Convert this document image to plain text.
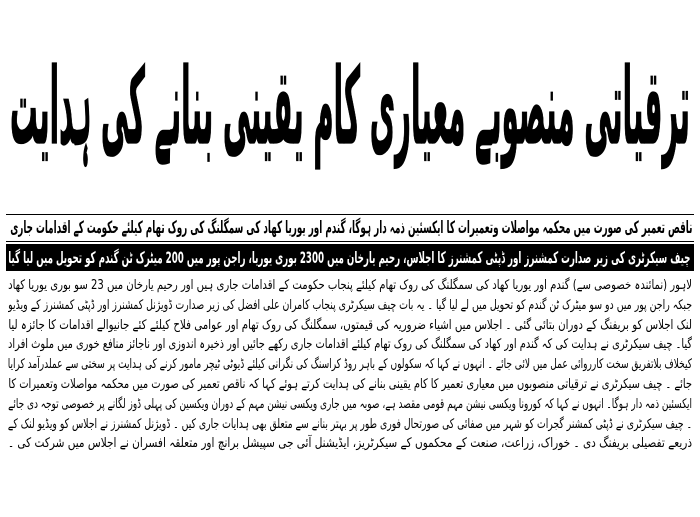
ترقیاتی منصوبے معیاری کام یقینی بنانے کی ہدایت
ناقص تعمیر کی صورت میں محکمہ مواصلات وتعمیرات کا ایکسئین ذمہ دار ہوگا، گندم اور یوریا کھاد کی سمگلنگ کی روک تھام کیلئے حکومت کے اقدامات جاری
چیف سیکرٹری کی زیر صدارت کمشنرز اور ڈپٹی کمشنرز کا اجلاس، رحیم یارخان میں 2300 بوری یوریا، راجن پور میں 200 میٹرک ٹن گندم کو تحویل میں لیا گیا
لاہور (نمائندہ خصوصی سے) گندم اور یوریا کھاد کی سمگلنگ کی روک تھام کیلئے پنجاب حکومت کے اقدامات جاری ہیں اور رحیم یارخان میں 23 سو بوری یوریا کھاد
جبکہ راجن پور میں دو سو میٹرک ٹن گندم کو تحویل میں لے لیا گیا ۔ یہ بات چیف سیکرٹری پنجاب کامران علی افضل کی زیر صدارت ڈویژنل کمشنرز اور ڈپٹی کمشنرز کے ویڈیو
لنک اجلاس کو بریفنگ کے دوران بتائی گئی ۔ اجلاس میں اشیاء ضروریہ کی قیمتوں، سمگلنگ کی روک تھام اور عوامی فلاح کیلئے کئے جانیوالے اقدامات کا جائزہ لیا
گیا۔ چیف سیکرٹری نے ہدایت کی کہ گندم اور کھاد کی سمگلنگ کی روک تھام کیلئے اقدامات جاری رکھے جائیں اور ذخیرہ اندوزی اور ناجائز منافع خوری میں ملوث افراد
کیخلاف بلاتفریق سخت کارروائی عمل میں لائی جائے ۔ انہوں نے کہا کہ سکولوں کے باہر روڈ کراسنگ کی نگرانی کیلئے ڈیوٹی ٹیچر مامور کرنے کی ہدایت پر سختی سے عملدرآمد کرایا
جائے ۔ چیف سیکرٹری نے ترقیاتی منصوبوں میں معیاری تعمیر کا کام یقینی بنانے کی ہدایت کرتے ہوئے کہا کہ ناقص تعمیر کی صورت میں محکمہ مواصلات وتعمیرات کا
ایکسئین ذمہ دار ہوگا۔ انہوں نے کہا کہ کورونا ویکسی نیشن مہم قومی مقصد ہے، صوبہ میں جاری ویکسی نیشن مہم کے دوران ویکسین کی پہلی ڈوز لگانے پر خصوصی توجہ دی جائے
۔ چیف سیکرٹری نے ڈپٹی کمشنر گجرات کو شہر میں صفائی کی صورتحال فوری طور پر بہتر بنانے سے متعلق بھی ہدایات جاری کیں ۔ ڈویژنل کمشنرز نے اجلاس کو ویڈیو لنک کے
ذریعے تفصیلی بریفنگ دی ۔ خوراک، زراعت، صنعت کے محکموں کے سیکرٹریز، ایڈیشنل آئی جی سپیشل برانچ اور متعلقہ افسران نے اجلاس میں شرکت کی ۔
